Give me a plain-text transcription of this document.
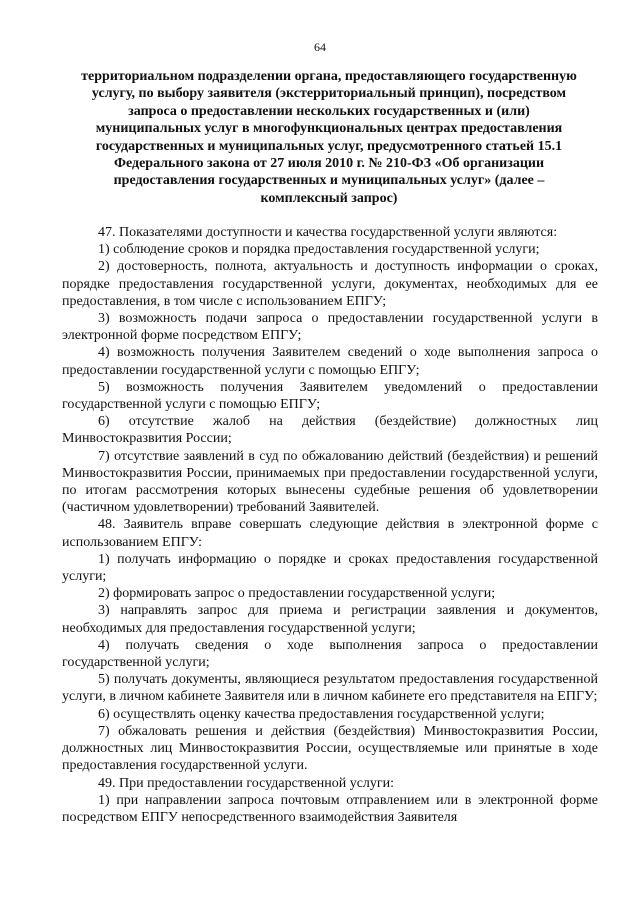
64
территориальном подразделении органа, предоставляющего государственную
услугу, по выбору заявителя (экстерриториальный принцип), посредством
запроса о предоставлении нескольких государственных и (или)
муниципальных услуг в многофункциональных центрах предоставления
государственных и муниципальных услуг, предусмотренного статьей 15.1
Федерального закона от 27 июля 2010 г. № 210-ФЗ «Об организации
предоставления государственных и муниципальных услуг» (далее –
комплексный запрос)

47. Показателями доступности и качества государственной услуги являются:

1) соблюдение сроков и порядка предоставления государственной услуги;

2) достоверность, полнота, актуальность и доступность информации о сроках, порядке предоставления государственной услуги, документах, необходимых для ее предоставления, в том числе с использованием ЕПГУ;

3) возможность подачи запроса о предоставлении государственной услуги в электронной форме посредством ЕПГУ;

4) возможность получения Заявителем сведений о ходе выполнения запроса о предоставлении государственной услуги с помощью ЕПГУ;

5) возможность получения Заявителем уведомлений о предоставлении государственной услуги с помощью ЕПГУ;

6) отсутствие жалоб на действия (бездействие) должностных лиц Минвостокразвития России;

7) отсутствие заявлений в суд по обжалованию действий (бездействия) и решений Минвостокразвития России, принимаемых при предоставлении государственной услуги, по итогам рассмотрения которых вынесены судебные решения об удовлетворении (частичном удовлетворении) требований Заявителей.

48. Заявитель вправе совершать следующие действия в электронной форме с использованием ЕПГУ:

1) получать информацию о порядке и сроках предоставления государственной услуги;

2) формировать запрос о предоставлении государственной услуги;

3) направлять запрос для приема и регистрации заявления и документов, необходимых для предоставления государственной услуги;

4) получать сведения о ходе выполнения запроса о предоставлении государственной услуги;

5) получать документы, являющиеся результатом предоставления государственной услуги, в личном кабинете Заявителя или в личном кабинете его представителя на ЕПГУ;

6) осуществлять оценку качества предоставления государственной услуги;

7) обжаловать решения и действия (бездействия) Минвостокразвития России, должностных лиц Минвостокразвития России, осуществляемые или принятые в ходе предоставления государственной услуги.

49. При предоставлении государственной услуги:

1) при направлении запроса почтовым отправлением или в электронной форме посредством ЕПГУ непосредственного взаимодействия Заявителя
